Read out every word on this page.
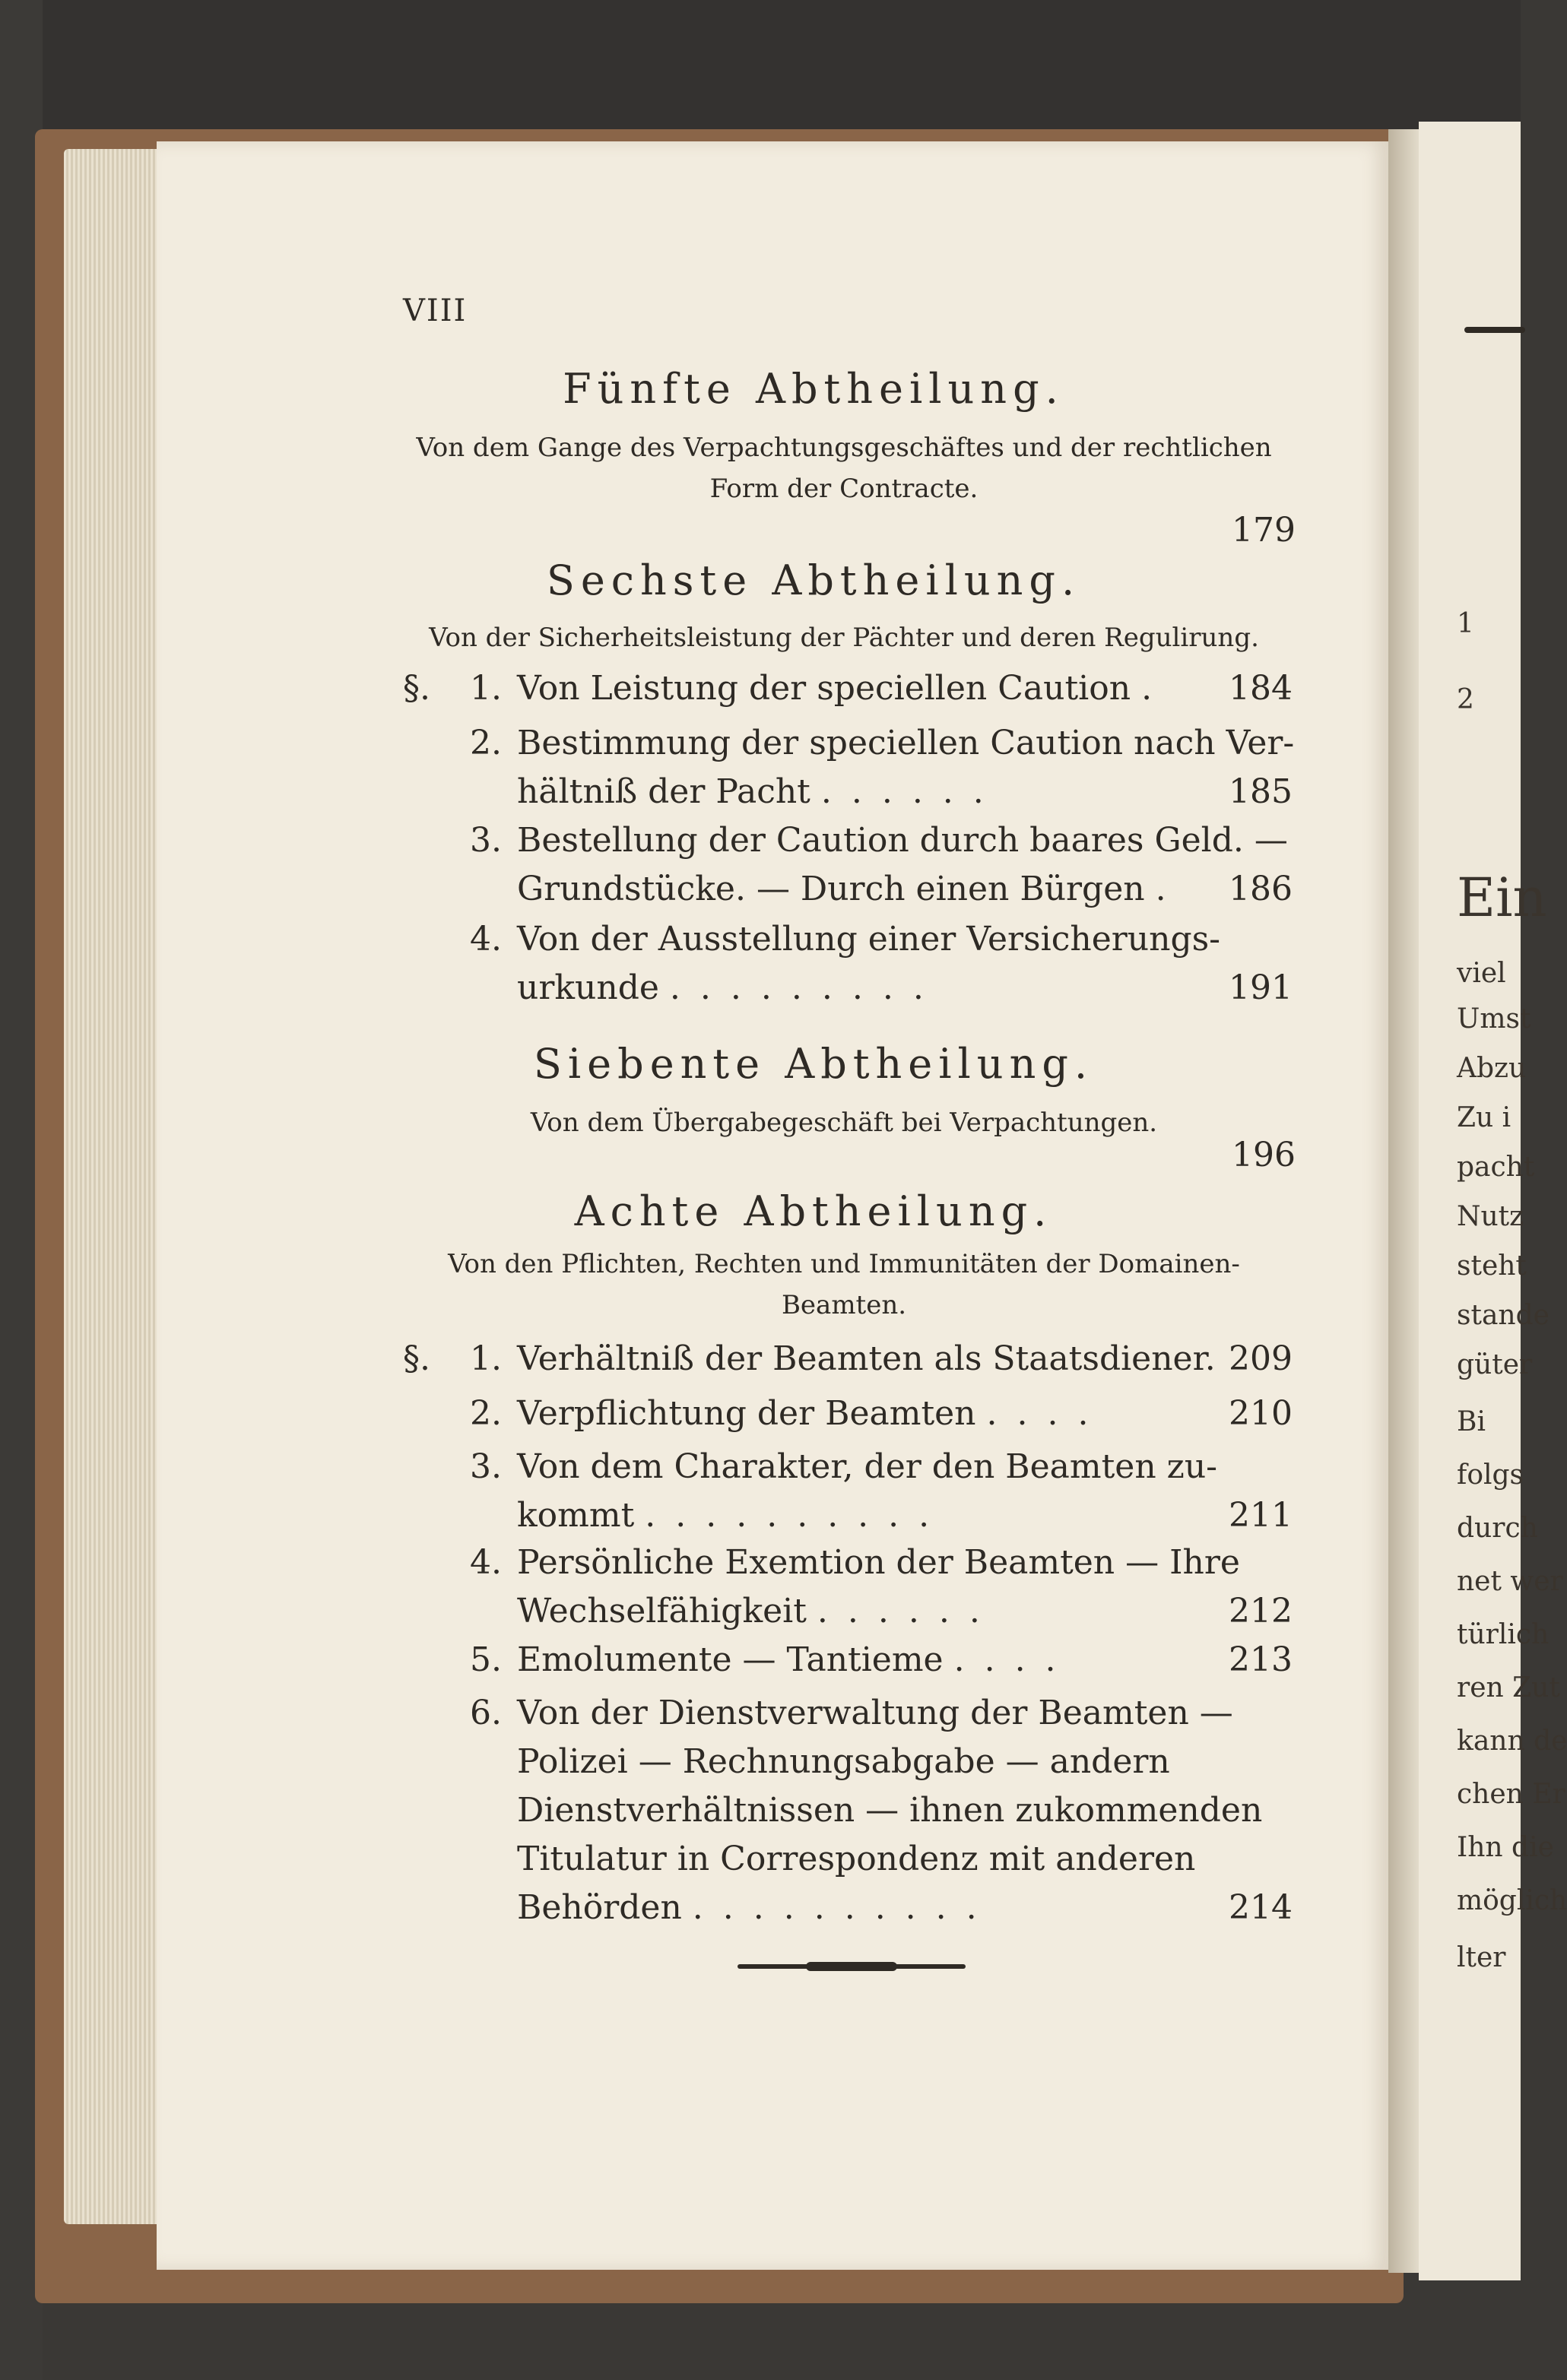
1
2
Ein
viel
Umst
Abzu
Zu i
pacht
Nutz
steht
stande
güter
Bi
folgs
durch
net wer
türlich
ren Zut
kann de
chen Er
Ihn die
möglich
lter
VIII
Fünfte Abtheilung.
Von dem Gange des Verpachtungsgeschäftes und der rechtlichen Form der Contracte.
179
Sechste Abtheilung.
Von der Sicherheitsleistung der Pächter und deren Regulirung.
§.	1. Von Leistung der speciellen Caution . 184
2. Bestimmung der speciellen Caution nach Ver-
hältniß der Pacht ......	185
3. Bestellung der Caution durch baares Geld. —
Grundstücke. — Durch einen Bürgen . 186
4. Von der Ausstellung einer Versicherungs-
urkunde .........	191
Siebente Abtheilung.
Von dem Übergabegeschäft bei Verpachtungen.
196
Achte Abtheilung.
Von den Pflichten, Rechten und Immunitäten der Domainen-Beamten.
§.	1. Verhältniß der Beamten als Staatsdiener. 209
2. Verpflichtung der Beamten ....	210
3. Von dem Charakter, der den Beamten zu-
kommt ..........	211
4. Persönliche Exemtion der Beamten — Ihre
Wechselfähigkeit ......	212
5. Emolumente — Tantieme ....	213
6. Von der Dienstverwaltung der Beamten —
Polizei — Rechnungsabgabe — andern
Dienstverhältnissen — ihnen zukommenden
Titulatur in Correspondenz mit anderen
Behörden ..........	214
